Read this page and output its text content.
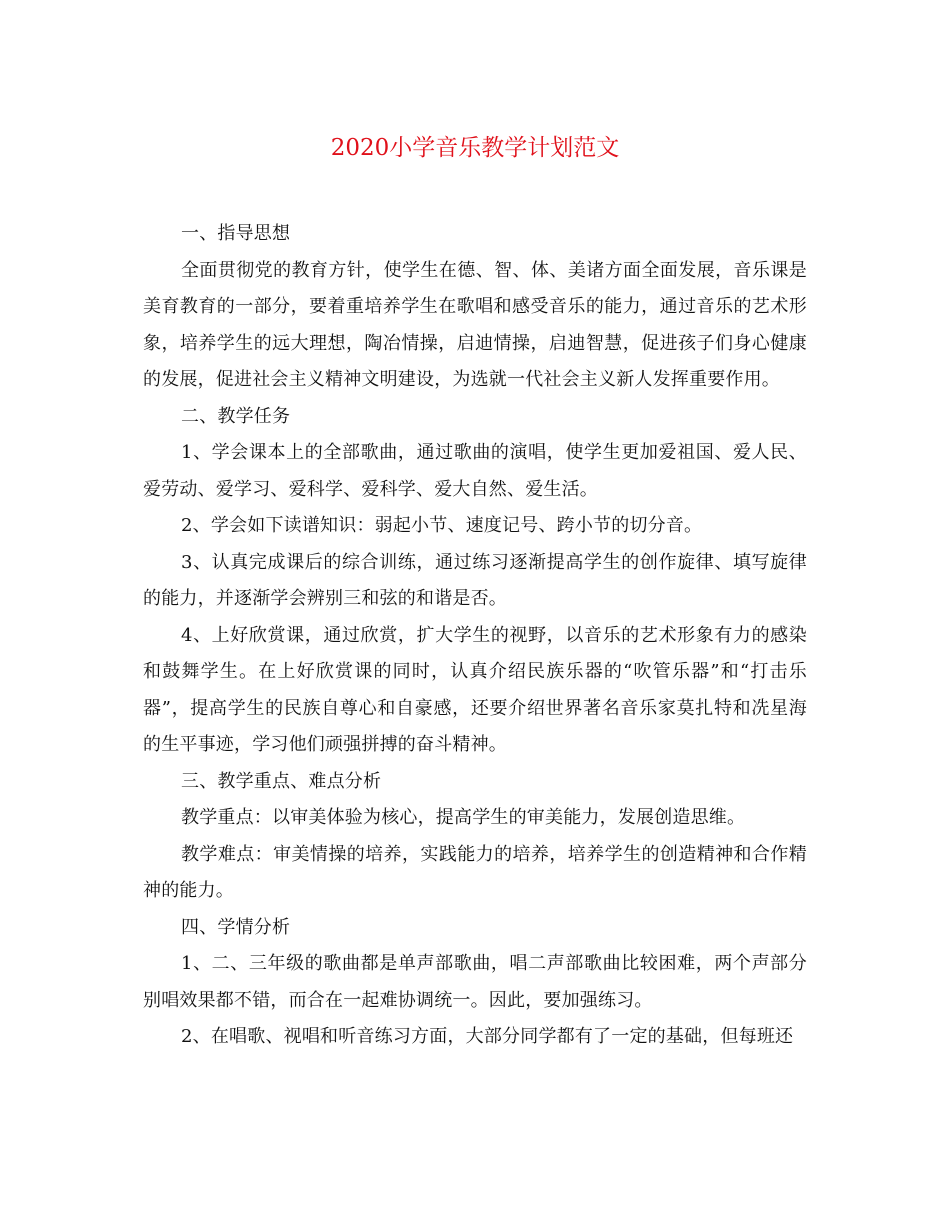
2020小学音乐教学计划范文

一、指导思想

全面贯彻党的教育方针，使学生在德、智、体、美诸方面全面发展，音乐课是美育教育的一部分，要着重培养学生在歌唱和感受音乐的能力，通过音乐的艺术形象，培养学生的远大理想，陶冶情操，启迪情操，启迪智慧，促进孩子们身心健康的发展，促进社会主义精神文明建设，为选就一代社会主义新人发挥重要作用。

二、教学任务

1、学会课本上的全部歌曲，通过歌曲的演唱，使学生更加爱祖国、爱人民、爱劳动、爱学习、爱科学、爱科学、爱大自然、爱生活。

2、学会如下读谱知识：弱起小节、速度记号、跨小节的切分音。

3、认真完成课后的综合训练，通过练习逐渐提高学生的创作旋律、填写旋律的能力，并逐渐学会辨别三和弦的和谐是否。

4、上好欣赏课，通过欣赏，扩大学生的视野，以音乐的艺术形象有力的感染和鼓舞学生。在上好欣赏课的同时，认真介绍民族乐器的“吹管乐器”和“打击乐器”，提高学生的民族自尊心和自豪感，还要介绍世界著名音乐家莫扎特和冼星海的生平事迹，学习他们顽强拼搏的奋斗精神。

三、教学重点、难点分析

教学重点：以审美体验为核心，提高学生的审美能力，发展创造思维。

教学难点：审美情操的培养，实践能力的培养，培养学生的创造精神和合作精神的能力。

四、学情分析

1、二、三年级的歌曲都是单声部歌曲，唱二声部歌曲比较困难，两个声部分别唱效果都不错，而合在一起难协调统一。因此，要加强练习。

2、在唱歌、视唱和听音练习方面，大部分同学都有了一定的基础，但每班还
